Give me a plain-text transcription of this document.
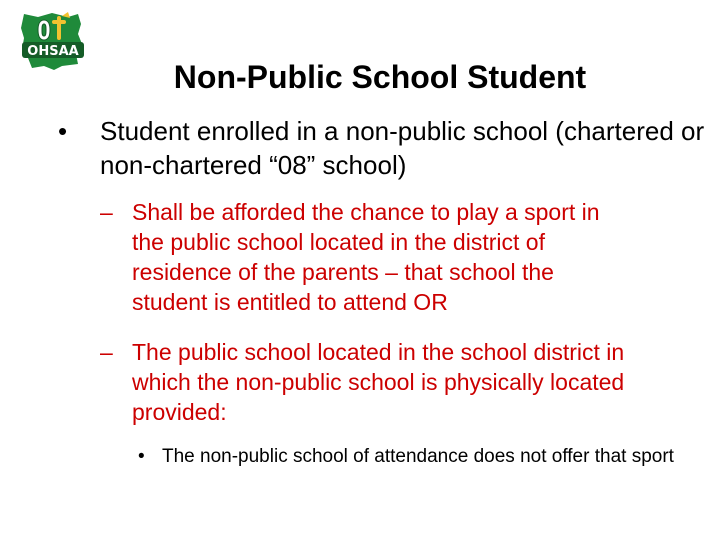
OHSAA
Non-Public School Student
• Student enrolled in a non-public school (chartered or non-chartered “08” school)
– Shall be afforded the chance to play a sport in
the public school located in the district of
residence of the parents – that school the
student is entitled to attend OR
– The public school located in the school district in
which the non-public school is physically located
provided:
• The non-public school of attendance does not offer that sport
